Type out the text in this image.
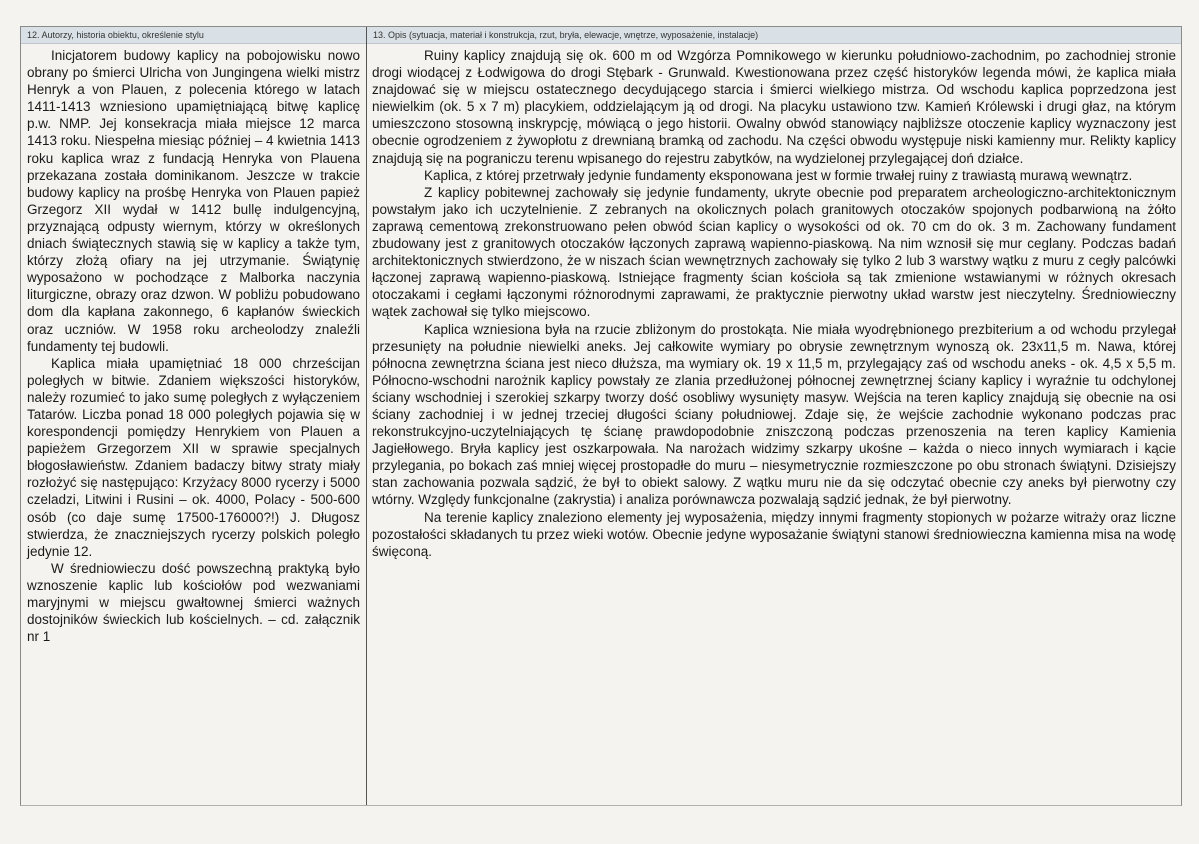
12. Autorzy, historia obiektu, określenie stylu

Inicjatorem budowy kaplicy na pobojowisku nowo obrany po śmierci Ulricha von Jungingena wielki mistrz Henryk a von Plauen, z polecenia którego w latach 1411-1413 wzniesiono upamiętniającą bitwę kaplicę p.w. NMP. Jej konsekracja miała miejsce 12 marca 1413 roku. Niespełna miesiąc później – 4 kwietnia 1413 roku kaplica wraz z fundacją Henryka von Plauena przekazana została dominikanom. Jeszcze w trakcie budowy kaplicy na prośbę Henryka von Plauen papież Grzegorz XII wydał w 1412 bullę indulgencyjną, przyznającą odpusty wiernym, którzy w określonych dniach świątecznych stawią się w kaplicy a także tym, którzy złożą ofiary na jej utrzymanie. Świątynię wyposażono w pochodzące z Malborka naczynia liturgiczne, obrazy oraz dzwon. W pobliżu pobudowano dom dla kapłana zakonnego, 6 kapłanów świeckich oraz uczniów. W 1958 roku archeolodzy znaleźli fundamenty tej budowli.

Kaplica miała upamiętniać 18 000 chrześcijan poległych w bitwie. Zdaniem większości historyków, należy rozumieć to jako sumę poległych z wyłączeniem Tatarów. Liczba ponad 18 000 poległych pojawia się w korespondencji pomiędzy Henrykiem von Plauen a papieżem Grzegorzem XII w sprawie specjalnych błogosławieństw. Zdaniem badaczy bitwy straty miały rozłożyć się następująco: Krzyżacy 8000 rycerzy i 5000 czeladzi, Litwini i Rusini – ok. 4000, Polacy - 500-600 osób (co daje sumę 17500-176000?!) J. Długosz stwierdza, że znaczniejszych rycerzy polskich poległo jedynie 12.

W średniowieczu dość powszechną praktyką było wznoszenie kaplic lub kościołów pod wezwaniami maryjnymi w miejscu gwałtownej śmierci ważnych dostojników świeckich lub kościelnych. – cd. załącznik nr 1

13. Opis (sytuacja, materiał i konstrukcja, rzut, bryła, elewacje, wnętrze, wyposażenie, instalacje)

Ruiny kaplicy znajdują się ok. 600 m od Wzgórza Pomnikowego w kierunku południowo-zachodnim, po zachodniej stronie drogi wiodącej z Łodwigowa do drogi Stębark - Grunwald. Kwestionowana przez część historyków legenda mówi, że kaplica miała znajdować się w miejscu ostatecznego decydującego starcia i śmierci wielkiego mistrza. Od wschodu kaplica poprzedzona jest niewielkim (ok. 5 x 7 m) placykiem, oddzielającym ją od drogi. Na placyku ustawiono tzw. Kamień Królewski i drugi głaz, na którym umieszczono stosowną inskrypcję, mówiącą o jego historii. Owalny obwód stanowiący najbliższe otoczenie kaplicy wyznaczony jest obecnie ogrodzeniem z żywopłotu z drewnianą bramką od zachodu. Na części obwodu występuje niski kamienny mur. Relikty kaplicy znajdują się na pograniczu terenu wpisanego do rejestru zabytków, na wydzielonej przylegającej doń działce.

Kaplica, z której przetrwały jedynie fundamenty eksponowana jest w formie trwałej ruiny z trawiastą murawą wewnątrz.

Z kaplicy pobitewnej zachowały się jedynie fundamenty, ukryte obecnie pod preparatem archeologiczno-architektonicznym powstałym jako ich uczytelnienie. Z zebranych na okolicznych polach granitowych otoczaków spojonych podbarwioną na żółto zaprawą cementową zrekonstruowano pełen obwód ścian kaplicy o wysokości od ok. 70 cm do ok. 3 m. Zachowany fundament zbudowany jest z granitowych otoczaków łączonych zaprawą wapienno-piaskową. Na nim wznosił się mur ceglany. Podczas badań architektonicznych stwierdzono, że w niszach ścian wewnętrznych zachowały się tylko 2 lub 3 warstwy wątku z muru z cegły palcówki łączonej zaprawą wapienno-piaskową. Istniejące fragmenty ścian kościoła są tak zmienione wstawianymi w różnych okresach otoczakami i cegłami łączonymi różnorodnymi zaprawami, że praktycznie pierwotny układ warstw jest nieczytelny. Średniowieczny wątek zachował się tylko miejscowo.

Kaplica wzniesiona była na rzucie zbliżonym do prostokąta. Nie miała wyodrębnionego prezbiterium a od wchodu przylegał przesunięty na południe niewielki aneks. Jej całkowite wymiary po obrysie zewnętrznym wynoszą ok. 23x11,5 m. Nawa, której północna zewnętrzna ściana jest nieco dłuższa, ma wymiary ok. 19 x 11,5 m, przylegający zaś od wschodu aneks - ok. 4,5 x 5,5 m. Północno-wschodni narożnik kaplicy powstały ze zlania przedłużonej północnej zewnętrznej ściany kaplicy i wyraźnie tu odchylonej ściany wschodniej i szerokiej szkarpy tworzy dość osobliwy wysunięty masyw. Wejścia na teren kaplicy znajdują się obecnie na osi ściany zachodniej i w jednej trzeciej długości ściany południowej. Zdaje się, że wejście zachodnie wykonano podczas prac rekonstrukcyjno-uczytelniających tę ścianę prawdopodobnie zniszczoną podczas przenoszenia na teren kaplicy Kamienia Jagiełłowego. Bryła kaplicy jest oszkarpowała. Na narożach widzimy szkarpy ukośne – każda o nieco innych wymiarach i kącie przylegania, po bokach zaś mniej więcej prostopadłe do muru – niesymetrycznie rozmieszczone po obu stronach świątyni. Dzisiejszy stan zachowania pozwala sądzić, że był to obiekt salowy. Z wątku muru nie da się odczytać obecnie czy aneks był pierwotny czy wtórny. Względy funkcjonalne (zakrystia) i analiza porównawcza pozwalają sądzić jednak, że był pierwotny.

Na terenie kaplicy znaleziono elementy jej wyposażenia, między innymi fragmenty stopionych w pożarze witraży oraz liczne pozostałości składanych tu przez wieki wotów. Obecnie jedyne wyposażanie świątyni stanowi średniowieczna kamienna misa na wodę święconą.
